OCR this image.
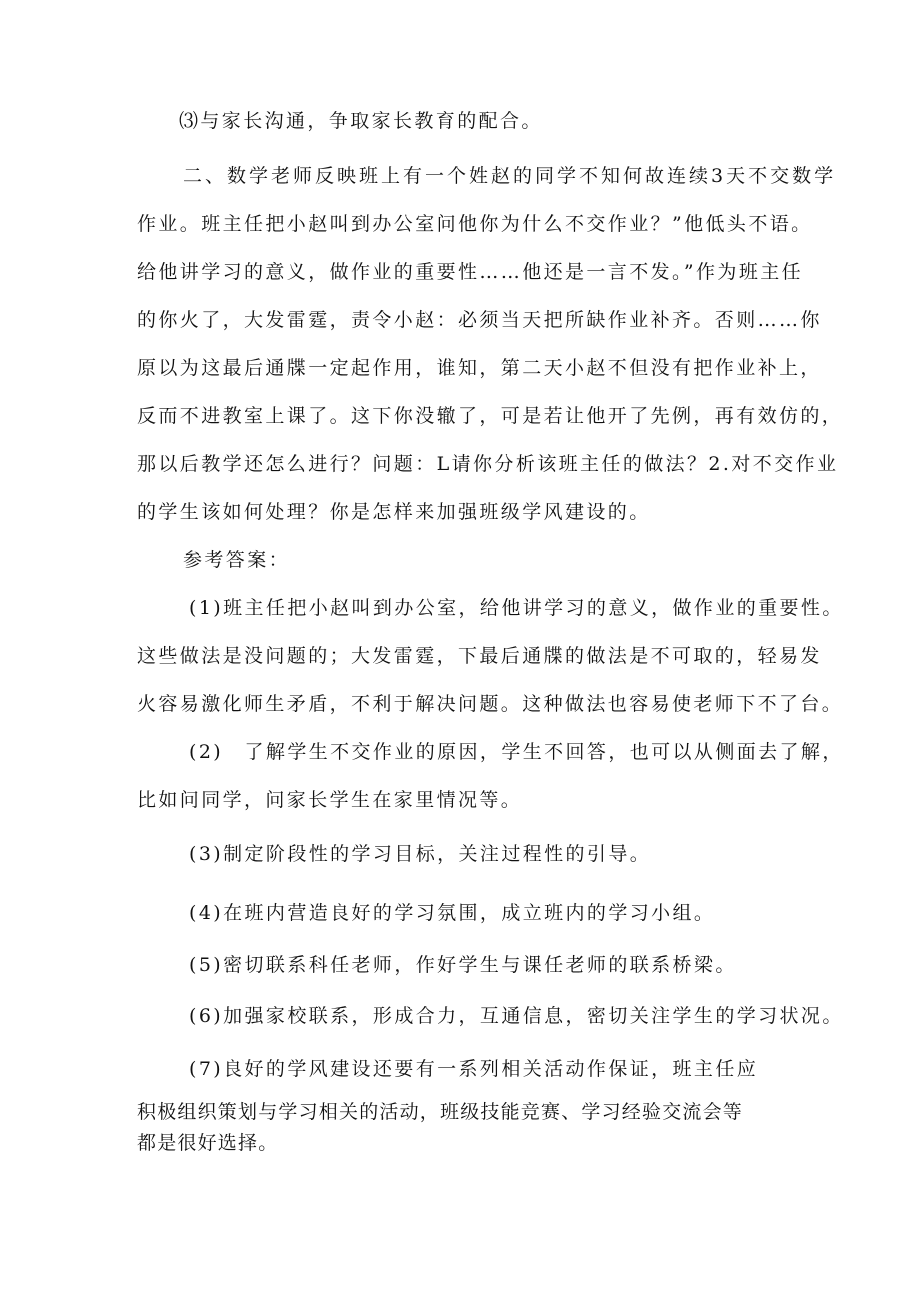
⑶与家长沟通，争取家长教育的配合。
二、数学老师反映班上有一个姓赵的同学不知何故连续3天不交数学
作业。班主任把小赵叫到办公室问他你为什么不交作业？”他低头不语。
给他讲学习的意义，做作业的重要性……他还是一言不发。”作为班主任
的你火了，大发雷霆，责令小赵：必须当天把所缺作业补齐。否则……你
原以为这最后通牒一定起作用，谁知，第二天小赵不但没有把作业补上，
反而不进教室上课了。这下你没辙了，可是若让他开了先例，再有效仿的，
那以后教学还怎么进行？问题：L请你分析该班主任的做法？2.对不交作业
的学生该如何处理？你是怎样来加强班级学风建设的。
参考答案：
(1)班主任把小赵叫到办公室，给他讲学习的意义，做作业的重要性。
这些做法是没问题的；大发雷霆，下最后通牒的做法是不可取的，轻易发
火容易激化师生矛盾，不利于解决问题。这种做法也容易使老师下不了台。
(2)　了解学生不交作业的原因，学生不回答，也可以从侧面去了解，
比如问同学，问家长学生在家里情况等。
(3)制定阶段性的学习目标，关注过程性的引导。
(4)在班内营造良好的学习氛围，成立班内的学习小组。
(5)密切联系科任老师，作好学生与课任老师的联系桥梁。
(6)加强家校联系，形成合力，互通信息，密切关注学生的学习状况。
(7)良好的学风建设还要有一系列相关活动作保证，班主任应
积极组织策划与学习相关的活动，班级技能竞赛、学习经验交流会等
都是很好选择。
